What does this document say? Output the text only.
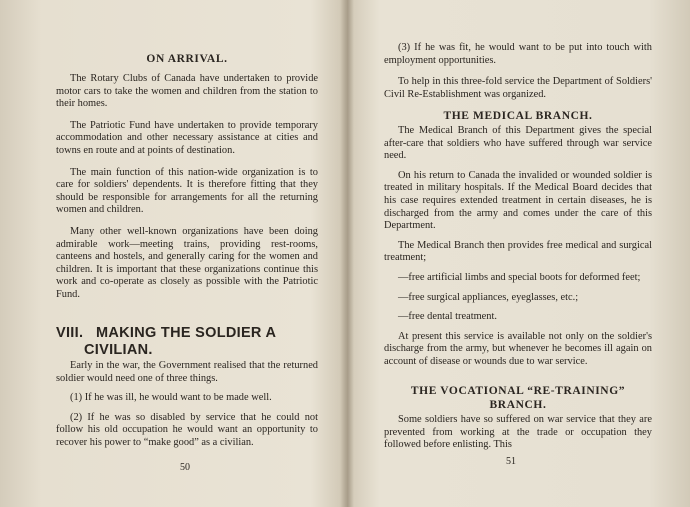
ON ARRIVAL.

The Rotary Clubs of Canada have undertaken to provide motor cars to take the women and children from the station to their homes.

The Patriotic Fund have undertaken to provide temporary accommodation and other necessary assistance at cities and towns en route and at points of destination.

The main function of this nation-wide organization is to care for soldiers' dependents. It is therefore fitting that they should be responsible for arrangements for all the returning women and children.

Many other well-known organizations have been doing admirable work—meeting trains, providing rest-rooms, canteens and hostels, and generally caring for the women and children. It is important that these organizations continue this work and co-operate as closely as possible with the Patriotic Fund.

VIII. MAKING THE SOLDIER A
CIVILIAN.

Early in the war, the Government realised that the returned soldier would need one of three things.

(1) If he was ill, he would want to be made well.

(2) If he was so disabled by service that he could not follow his old occupation he would want an opportunity to recover his power to “make good” as a civilian.

50

(3) If he was fit, he would want to be put into touch with employment opportunities.

To help in this three-fold service the Department of Soldiers' Civil Re-Establishment was organized.

THE MEDICAL BRANCH.

The Medical Branch of this Department gives the special after-care that soldiers who have suffered through war service need.

On his return to Canada the invalided or wounded soldier is treated in military hospitals. If the Medical Board decides that his case requires extended treatment in certain diseases, he is discharged from the army and comes under the care of this Department.

The Medical Branch then provides free medical and surgical treatment;

—free artificial limbs and special boots for deformed feet;

—free surgical appliances, eyeglasses, etc.;

—free dental treatment.

At present this service is available not only on the soldier's discharge from the army, but whenever he becomes ill again on account of disease or wounds due to war service.

THE VOCATIONAL “RE-TRAINING”
BRANCH.

Some soldiers have so suffered on war service that they are prevented from working at the trade or occupation they followed before enlisting. This

51
